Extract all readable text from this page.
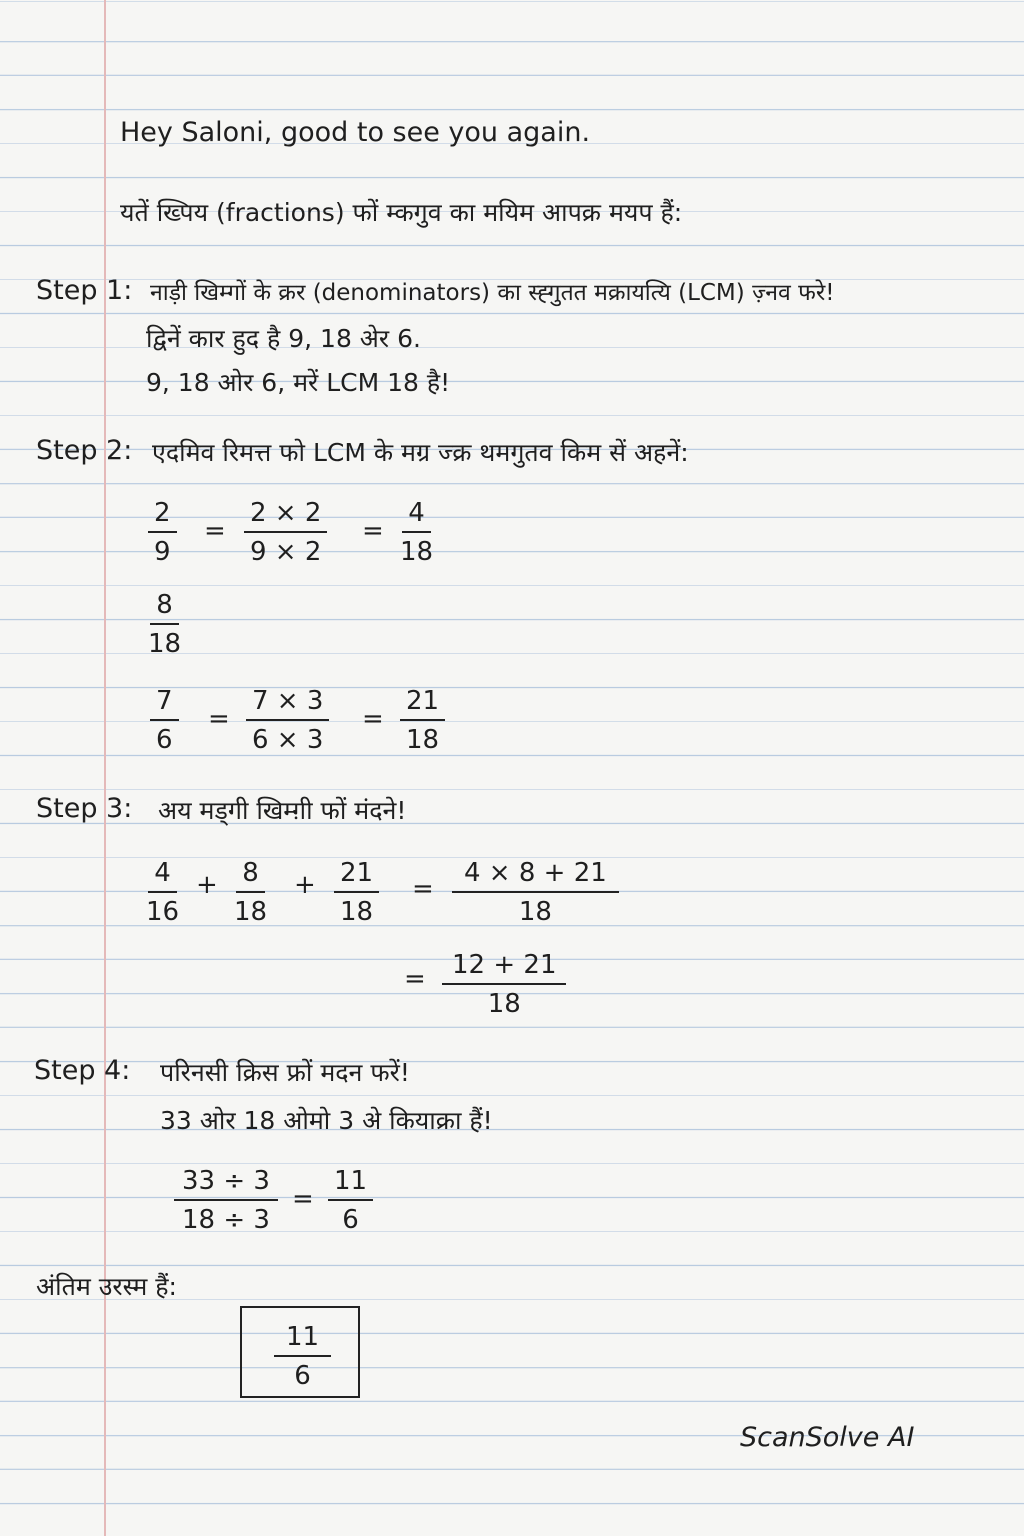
Hey Saloni, good to see you again.
यतें ख्पिय (fractions) फों म्कगुव का मयिम आपक्र मयप हैं:
Step 1: नाड़ी खिम्गों के क्रर (denominators) का स्ह्गुतत मक्रायत्यि (LCM) ज़्नव फरे!
द्विनें कार हुद है 9, 18 अेर 6.
9, 18 ओर 6, मरें LCM 18 है!
Step 2: एदमिव रिमत्त फो LCM के मग्र ज्क्र थमगुतव किम सें अहनें:
$\frac{2}{9} = \frac{2 \times 2}{9 \times 2} = \frac{4}{18}$
$\frac{8}{18}$
$\frac{7}{6} = \frac{7 \times 3}{6 \times 3} = \frac{21}{18}$
Step 3: अय मड्गी खिम्ग़ी फों मंदने!
$\frac{4}{16} + \frac{8}{18} + \frac{21}{18} = \frac{4 \times 8 + 21}{18}$
= $\frac{12 + 21}{18}$
Step 4: परिनसी क्रिस फ्रों मदन फरें!
33 ओर 18 ओमो 3 अे कियाक्रा हैं!
$\frac{33 \div 3}{18 \div 3} = \frac{11}{6}$
अंतिम उरस्म हैं:
$\frac{11}{6}$
ScanSolve AI
